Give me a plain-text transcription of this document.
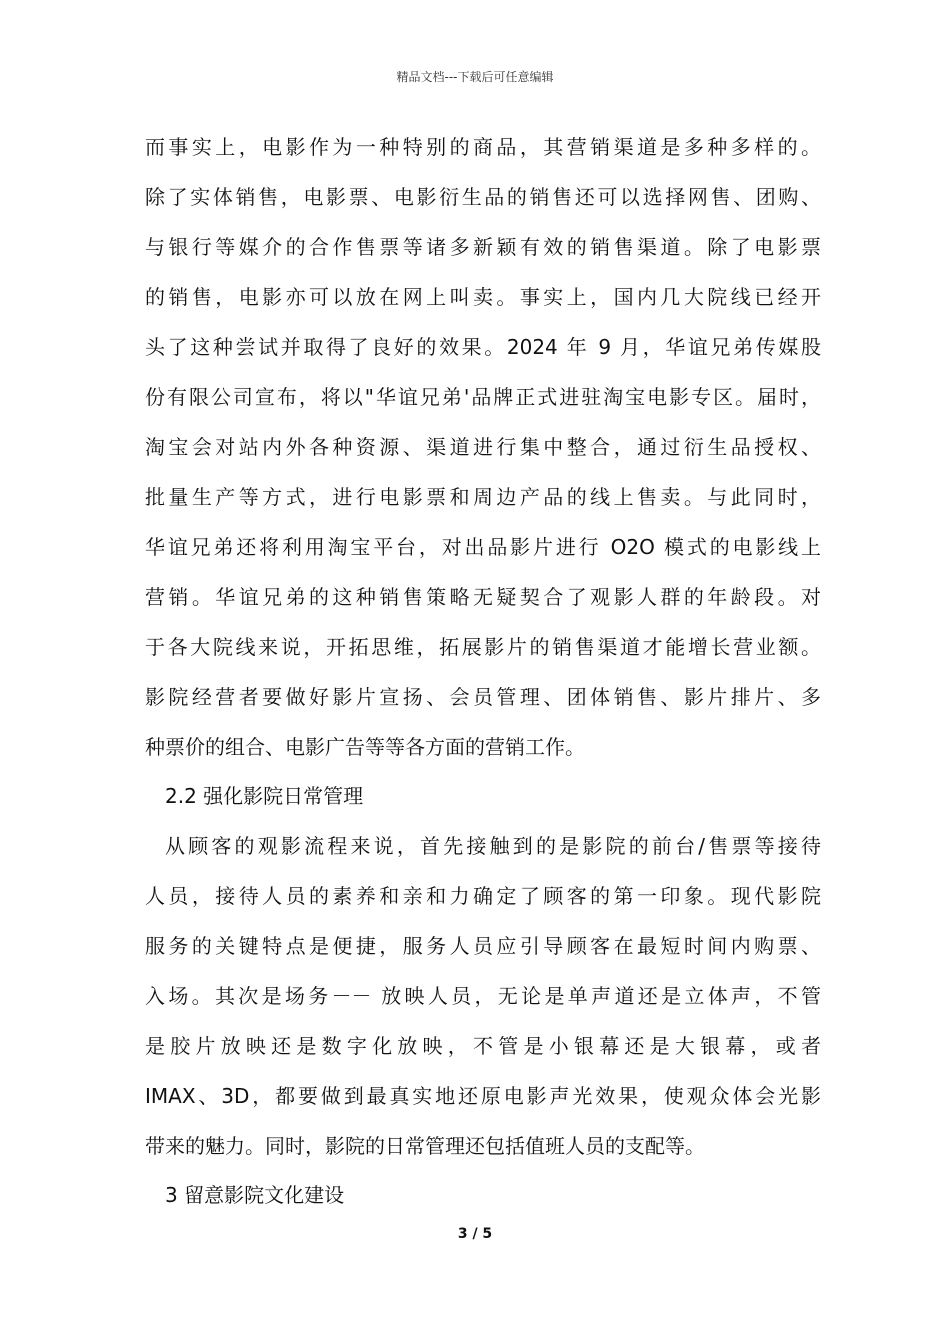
精品文档---下载后可任意编辑
而事实上，电影作为一种特别的商品，其营销渠道是多种多样的。
除了实体销售，电影票、电影衍生品的销售还可以选择网售、团购、
与银行等媒介的合作售票等诸多新颖有效的销售渠道。除了电影票
的销售，电影亦可以放在网上叫卖。事实上，国内几大院线已经开
头了这种尝试并取得了良好的效果。2024 年 9 月，华谊兄弟传媒股
份有限公司宣布，将以"华谊兄弟'品牌正式进驻淘宝电影专区。届时，
淘宝会对站内外各种资源、渠道进行集中整合，通过衍生品授权、
批量生产等方式，进行电影票和周边产品的线上售卖。与此同时，
华谊兄弟还将利用淘宝平台，对出品影片进行 O2O 模式的电影线上
营销。华谊兄弟的这种销售策略无疑契合了观影人群的年龄段。对
于各大院线来说，开拓思维，拓展影片的销售渠道才能增长营业额。
影院经营者要做好影片宣扬、会员管理、团体销售、影片排片、多
种票价的组合、电影广告等等各方面的营销工作。
2.2 强化影院日常管理
从顾客的观影流程来说，首先接触到的是影院的前台/售票等接待
人员，接待人员的素养和亲和力确定了顾客的第一印象。现代影院
服务的关键特点是便捷，服务人员应引导顾客在最短时间内购票、
入场。其次是场务－－ 放映人员，无论是单声道还是立体声，不管
是胶片放映还是数字化放映，不管是小银幕还是大银幕，或者
IMAX、3D，都要做到最真实地还原电影声光效果，使观众体会光影
带来的魅力。同时，影院的日常管理还包括值班人员的支配等。
3 留意影院文化建设
3 / 5
